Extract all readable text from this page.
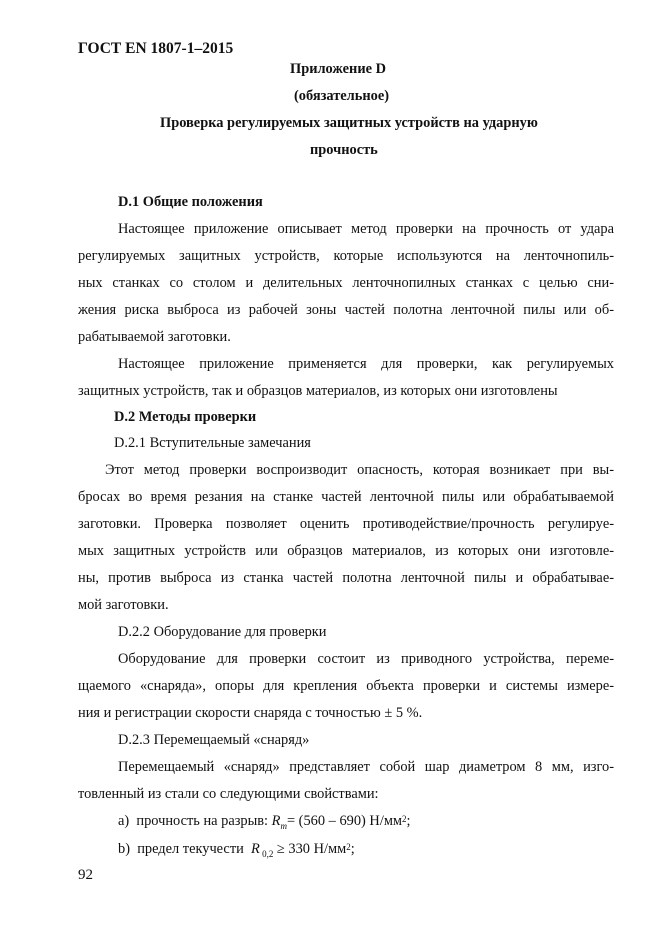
ГОСТ EN 1807-1–2015
Приложение D
(обязательное)
Проверка регулируемых защитных устройств на ударную
прочность
D.1 Общие положения
Настоящее приложение описывает метод проверки на прочность от удара
регулируемых защитных устройств, которые используются на ленточнопиль-
ных станках со столом и делительных ленточнопилных станках с целью сни-
жения риска выброса из рабочей зоны частей полотна ленточной пилы или об-
рабатываемой заготовки.
Настоящее приложение применяется для проверки, как регулируемых
защитных устройств, так и образцов материалов, из которых они изготовлены
D.2 Методы проверки
D.2.1 Вступительные замечания
Этот метод проверки воспроизводит опасность, которая возникает при вы-
бросах во время резания на станке частей ленточной пилы или обрабатываемой
заготовки. Проверка позволяет оценить противодействие/прочность регулируе-
мых защитных устройств или образцов материалов, из которых они изготовле-
ны, против выброса из станка частей полотна ленточной пилы и обрабатывае-
мой заготовки.
D.2.2 Оборудование для проверки
Оборудование для проверки состоит из приводного устройства, переме-
щаемого «снаряда», опоры для крепления объекта проверки и системы измере-
ния и регистрации скорости снаряда с точностью ± 5 %.
D.2.3 Перемещаемый «снаряд»
Перемещаемый «снаряд» представляет собой шар диаметром 8 мм, изго-
товленный из стали со следующими свойствами:
a) прочность на разрыв: $R_m= (560 - 690)$ $Н/мм^2$;
b) предел текучести R $_{0,2}$ ≥ 330 $Н/мм^2$;
92
